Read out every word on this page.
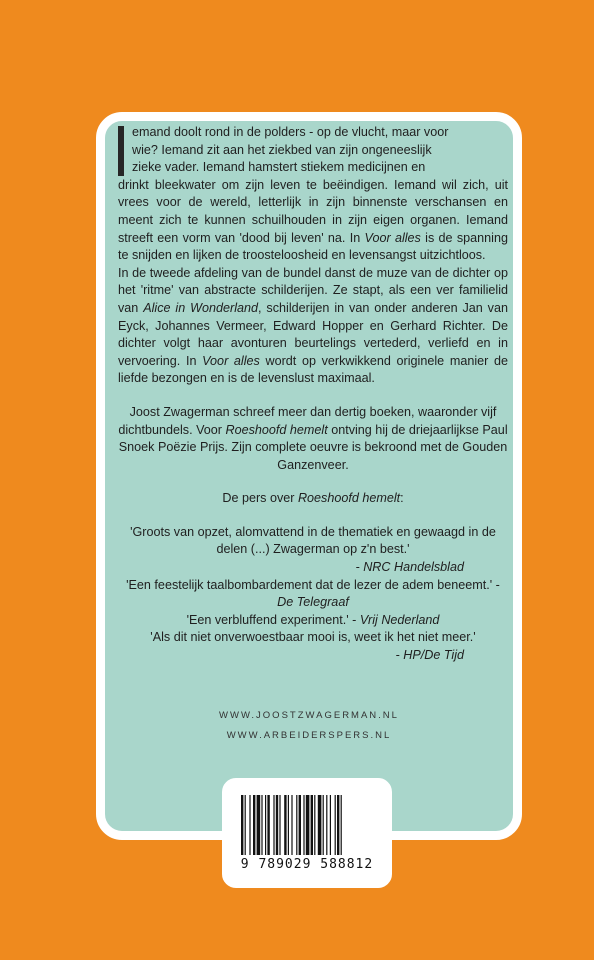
emand doolt rond in de polders - op de vlucht, maar voor
wie? Iemand zit aan het ziekbed van zijn ongeneeslijk
zieke vader. Iemand hamstert stiekem medicijnen en
drinkt bleekwater om zijn leven te beëindigen. Iemand wil zich, uit vrees voor de wereld, letterlijk in zijn binnenste verschansen en meent zich te kunnen schuilhouden in zijn eigen organen. Iemand streeft een vorm van 'dood bij leven' na. In Voor alles is de spanning te snijden en lijken de troosteloosheid en levensangst uitzichtloos.

In de tweede afdeling van de bundel danst de muze van de dichter op het 'ritme' van abstracte schilderijen. Ze stapt, als een ver familielid van Alice in Wonderland, schilderijen in van onder anderen Jan van Eyck, Johannes Vermeer, Edward Hopper en Gerhard Richter. De dichter volgt haar avonturen beurtelings vertederd, verliefd en in vervoering. In Voor alles wordt op verkwikkend originele manier de liefde bezongen en is de levenslust maximaal.

Joost Zwagerman schreef meer dan dertig boeken, waaronder vijf dichtbundels. Voor Roeshoofd hemelt ontving hij de driejaarlijkse Paul Snoek Poëzie Prijs. Zijn complete oeuvre is bekroond met de Gouden Ganzenveer.

De pers over Roeshoofd hemelt:

'Groots van opzet, alomvattend in de thematiek en gewaagd in de delen (...) Zwagerman op z'n best.'

- NRC Handelsblad

'Een feestelijk taalbombardement dat de lezer de adem beneemt.' - De Telegraaf

'Een verbluffend experiment.' - Vrij Nederland

'Als dit niet onverwoestbaar mooi is, weet ik het niet meer.'

- HP/De Tijd

WWW.JOOSTZWAGERMAN.NL
WWW.ARBEIDERSPERS.NL
9 789029 588812
